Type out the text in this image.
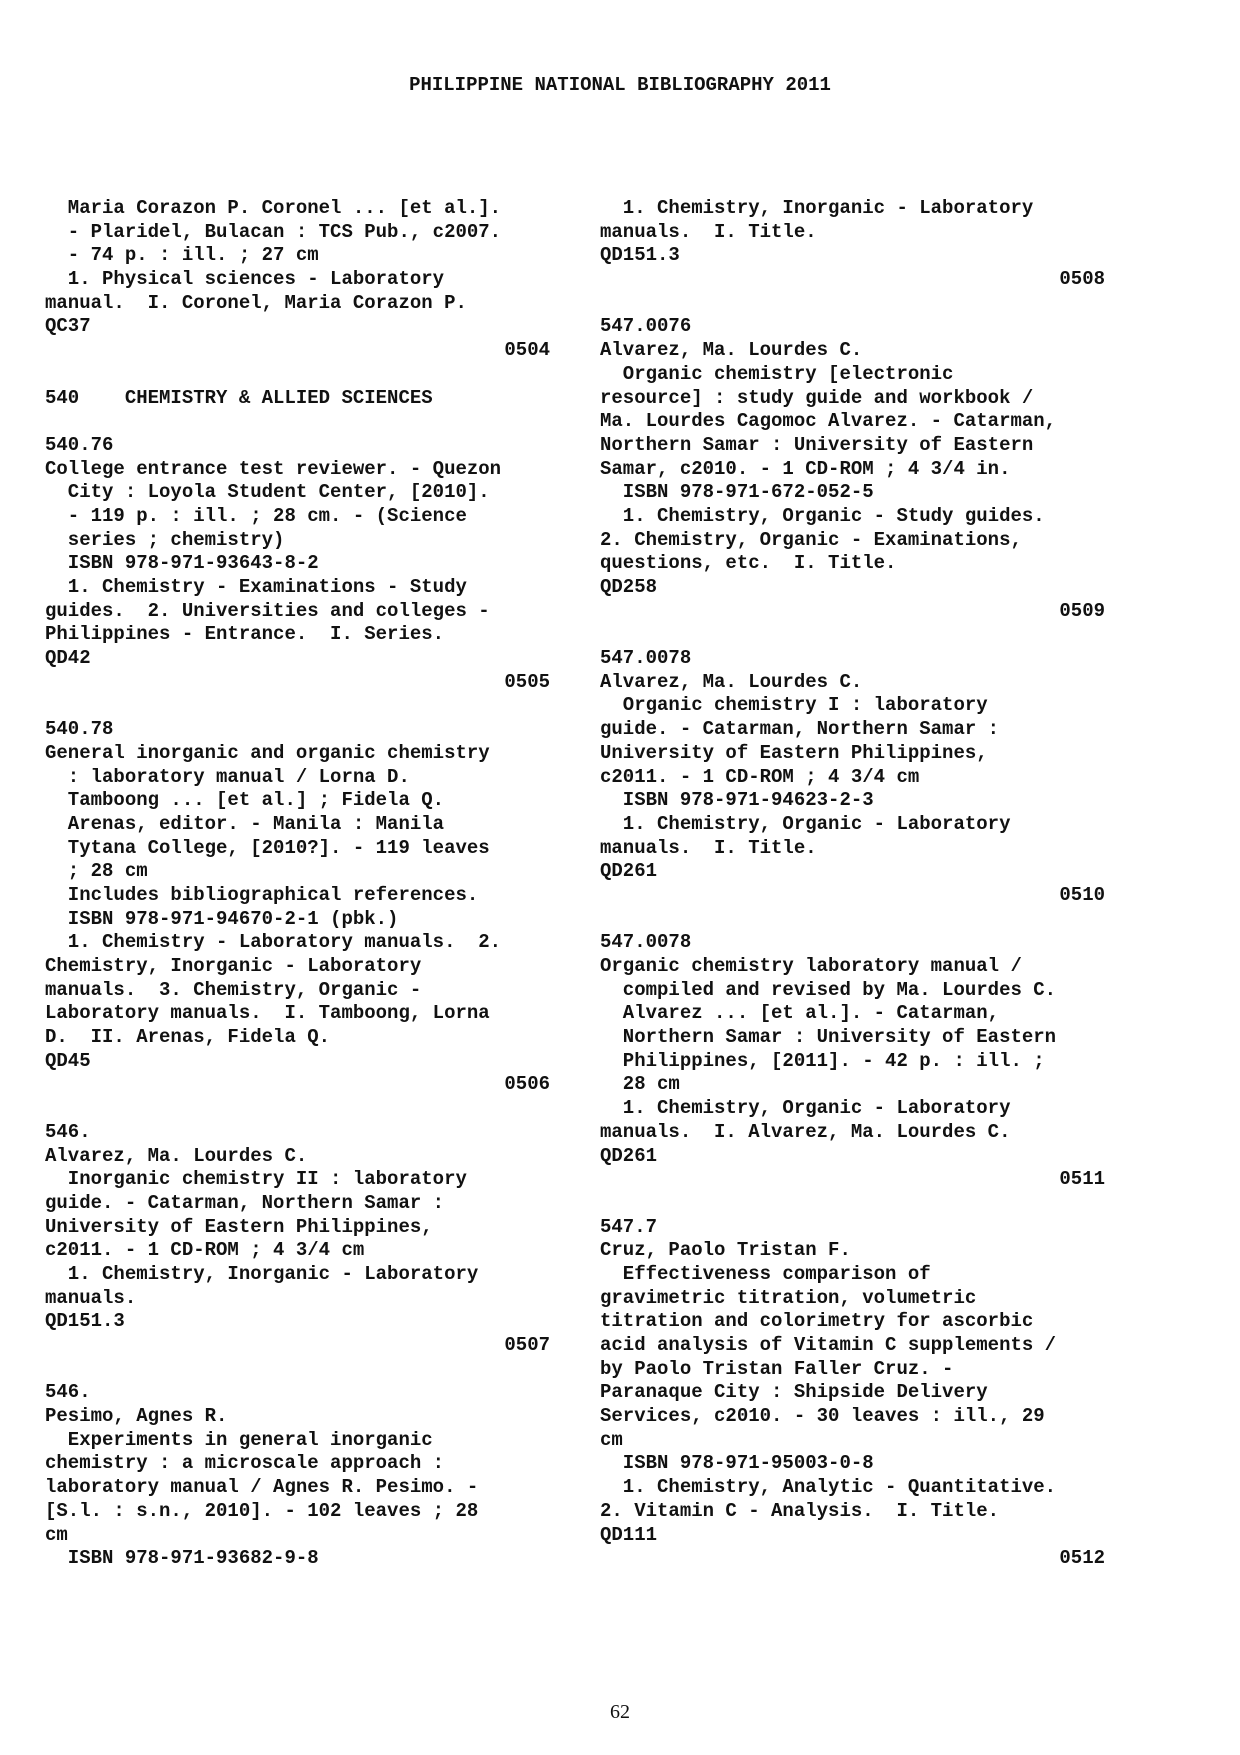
PHILIPPINE NATIONAL BIBLIOGRAPHY 2011
Maria Corazon P. Coronel ... [et al.].
- Plaridel, Bulacan : TCS Pub., c2007.
- 74 p. : ill. ; 27 cm
1. Physical sciences - Laboratory
manual.  I. Coronel, Maria Corazon P.
QC37
0504
540    CHEMISTRY & ALLIED SCIENCES
540.76
College entrance test reviewer. - Quezon
City : Loyola Student Center, [2010].
- 119 p. : ill. ; 28 cm. - (Science
series ; chemistry)
ISBN 978-971-93643-8-2
1. Chemistry - Examinations - Study
guides.  2. Universities and colleges -
Philippines - Entrance.  I. Series.
QD42
0505
540.78
General inorganic and organic chemistry
: laboratory manual / Lorna D.
Tamboong ... [et al.] ; Fidela Q.
Arenas, editor. - Manila : Manila
Tytana College, [2010?]. - 119 leaves
; 28 cm
Includes bibliographical references.
ISBN 978-971-94670-2-1 (pbk.)
1. Chemistry - Laboratory manuals.  2.
Chemistry, Inorganic - Laboratory
manuals.  3. Chemistry, Organic -
Laboratory manuals.  I. Tamboong, Lorna
D.  II. Arenas, Fidela Q.
QD45
0506
546.
Alvarez, Ma. Lourdes C.
Inorganic chemistry II : laboratory
guide. - Catarman, Northern Samar :
University of Eastern Philippines,
c2011. - 1 CD-ROM ; 4 3/4 cm
1. Chemistry, Inorganic - Laboratory
manuals.
QD151.3
0507
546.
Pesimo, Agnes R.
Experiments in general inorganic
chemistry : a microscale approach :
laboratory manual / Agnes R. Pesimo. -
[S.l. : s.n., 2010]. - 102 leaves ; 28
cm
ISBN 978-971-93682-9-8
1. Chemistry, Inorganic - Laboratory
manuals.  I. Title.
QD151.3
0508
547.0076
Alvarez, Ma. Lourdes C.
Organic chemistry [electronic
resource] : study guide and workbook /
Ma. Lourdes Cagomoc Alvarez. - Catarman,
Northern Samar : University of Eastern
Samar, c2010. - 1 CD-ROM ; 4 3/4 in.
ISBN 978-971-672-052-5
1. Chemistry, Organic - Study guides.
2. Chemistry, Organic - Examinations,
questions, etc.  I. Title.
QD258
0509
547.0078
Alvarez, Ma. Lourdes C.
Organic chemistry I : laboratory
guide. - Catarman, Northern Samar :
University of Eastern Philippines,
c2011. - 1 CD-ROM ; 4 3/4 cm
ISBN 978-971-94623-2-3
1. Chemistry, Organic - Laboratory
manuals.  I. Title.
QD261
0510
547.0078
Organic chemistry laboratory manual /
compiled and revised by Ma. Lourdes C.
Alvarez ... [et al.]. - Catarman,
Northern Samar : University of Eastern
Philippines, [2011]. - 42 p. : ill. ;
28 cm
1. Chemistry, Organic - Laboratory
manuals.  I. Alvarez, Ma. Lourdes C.
QD261
0511
547.7
Cruz, Paolo Tristan F.
Effectiveness comparison of
gravimetric titration, volumetric
titration and colorimetry for ascorbic
acid analysis of Vitamin C supplements /
by Paolo Tristan Faller Cruz. -
Paranaque City : Shipside Delivery
Services, c2010. - 30 leaves : ill., 29
cm
ISBN 978-971-95003-0-8
1. Chemistry, Analytic - Quantitative.
2. Vitamin C - Analysis.  I. Title.
QD111
0512
62
